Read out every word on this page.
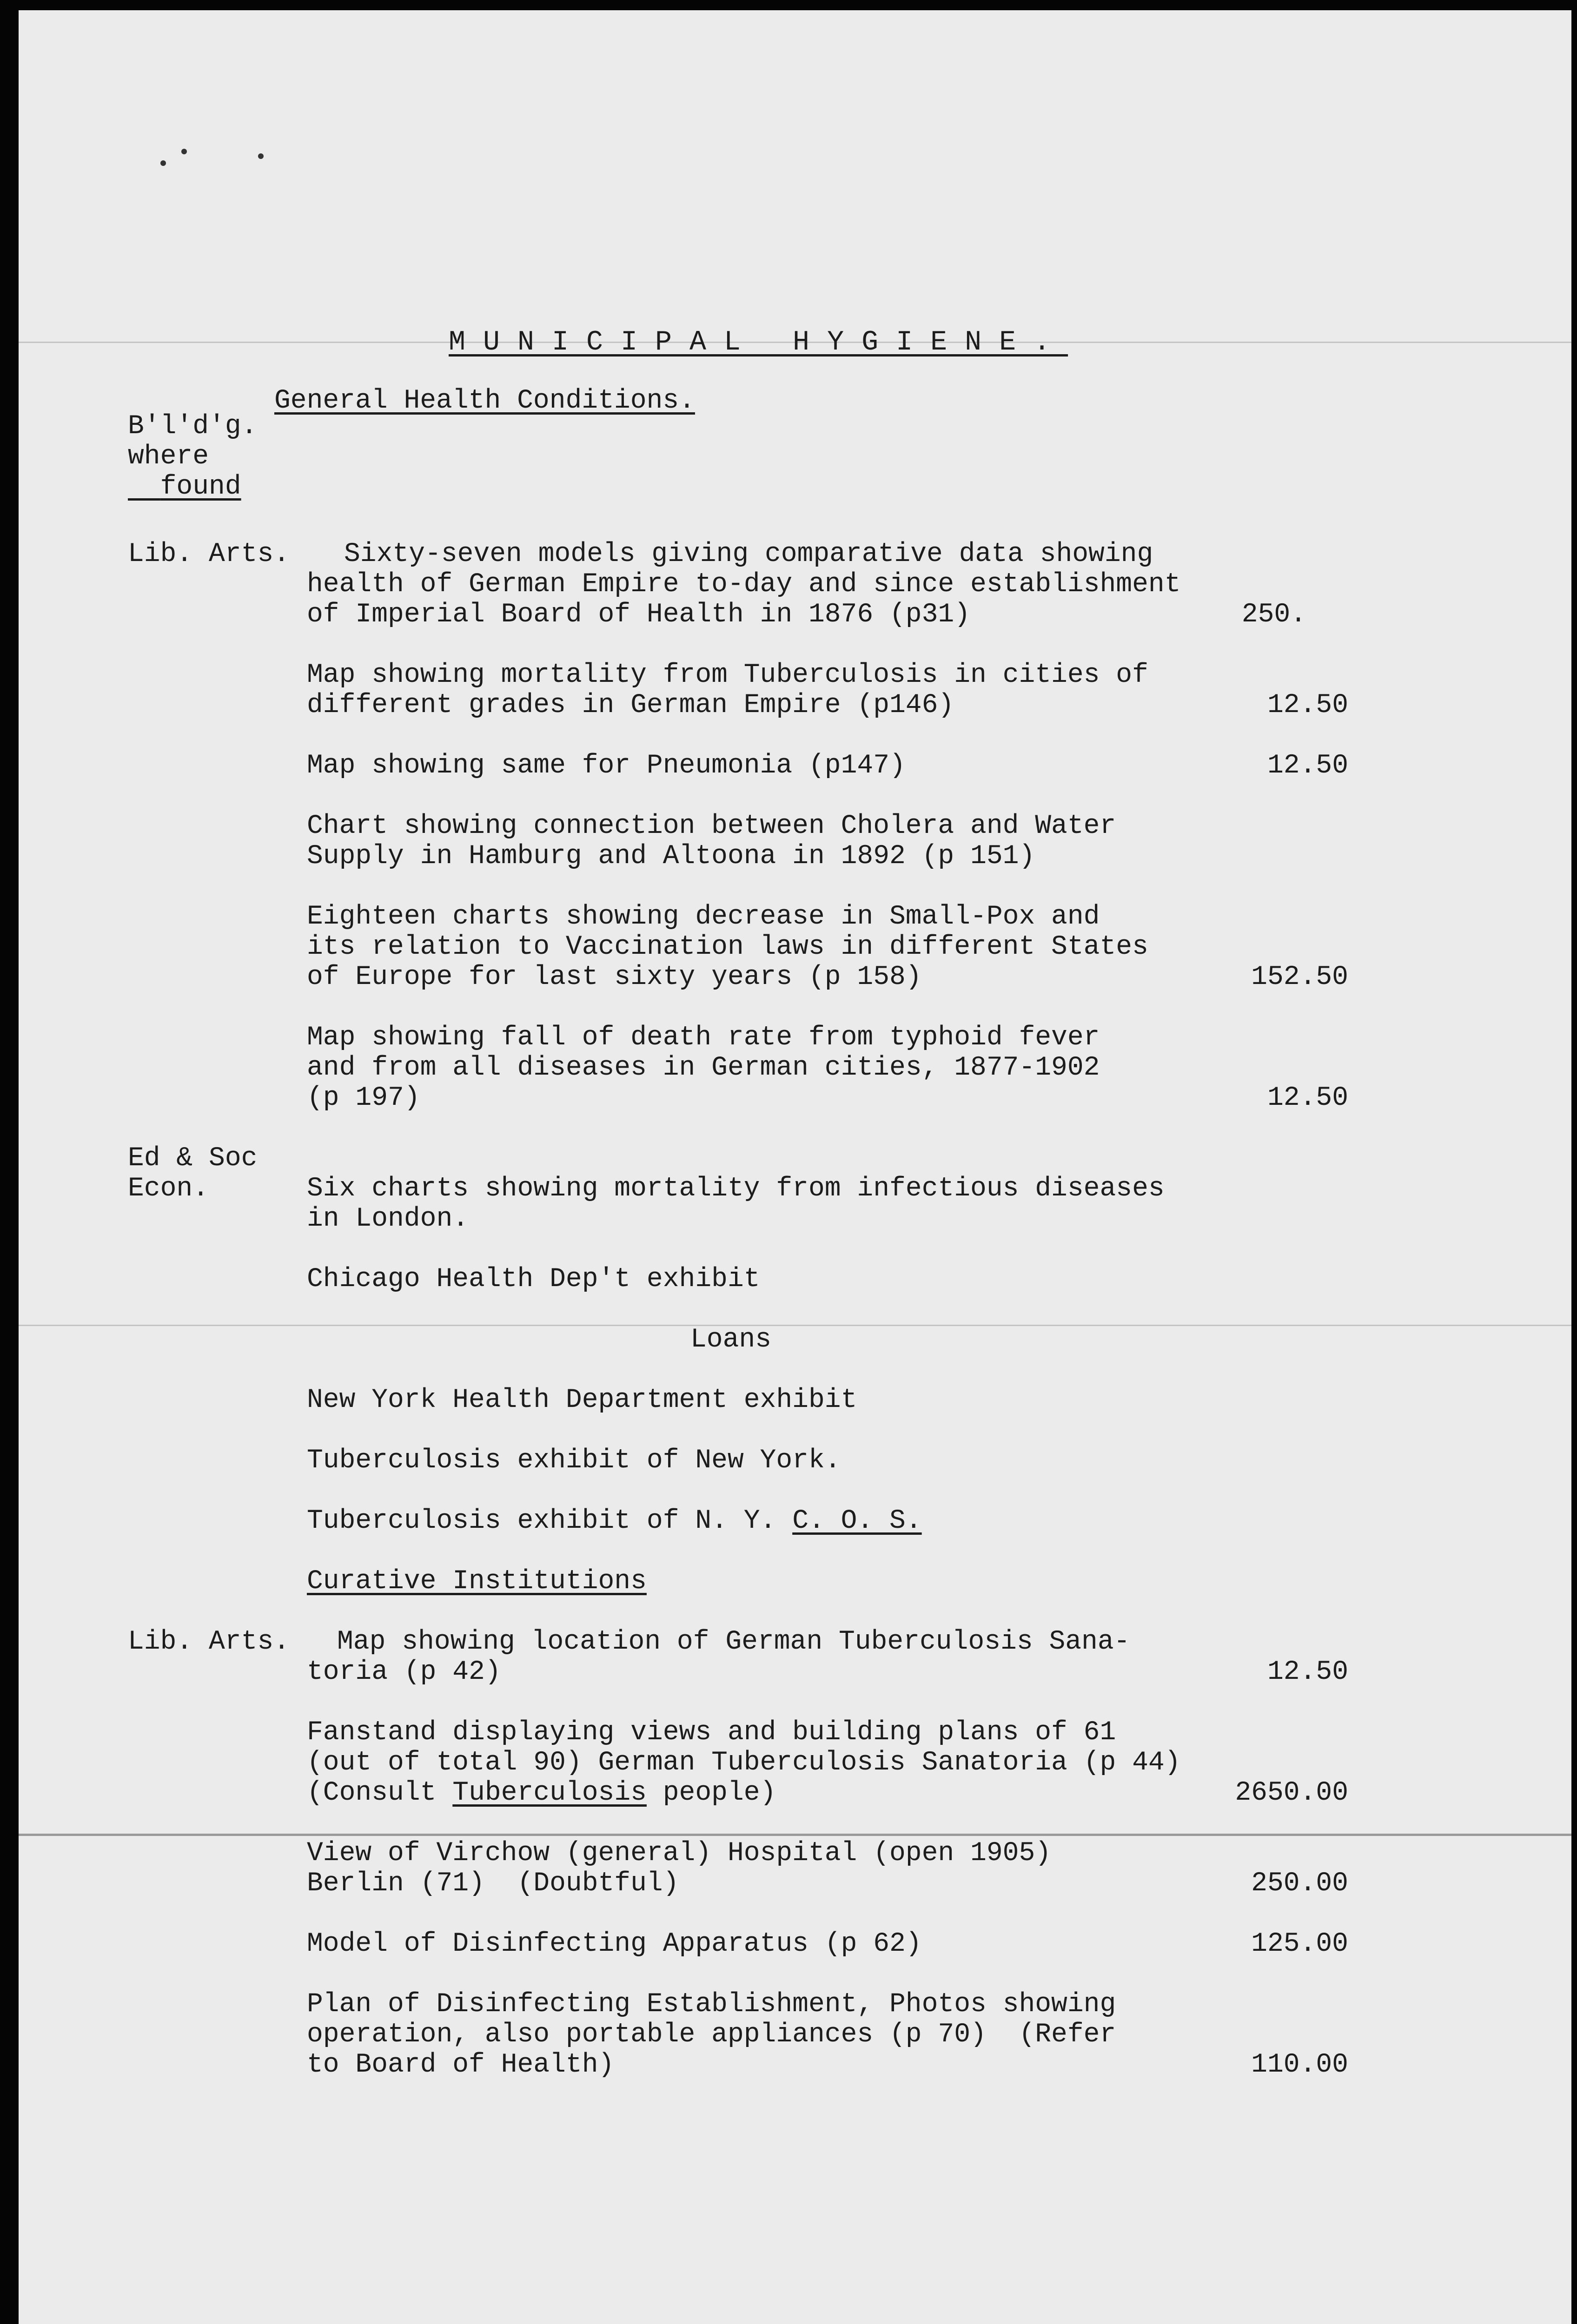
MUNICIPAL HYGIENE.

General Health Conditions.

B'l'd'g.

where

found

Lib. Arts. Sixty-seven models giving comparative data showing

health of German Empire to-day and since establishment

of Imperial Board of Health in 1876 (p31)	250.

Map showing mortality from Tuberculosis in cities of

different grades in German Empire (p146)	12.50

Map showing same for Pneumonia (p147)	12.50

Chart showing connection between Cholera and Water

Supply in Hamburg and Altoona in 1892 (p 151)

Eighteen charts showing decrease in Small-Pox and

its relation to Vaccination laws in different States

of Europe for last sixty years (p 158)	152.50

Map showing fall of death rate from typhoid fever

and from all diseases in German cities, 1877-1902

(p 197)	12.50

Ed & Soc

Econ.	Six charts showing mortality from infectious diseases

in London.

Chicago Health Dep't exhibit

Loans

New York Health Department exhibit

Tuberculosis exhibit of New York.

Tuberculosis exhibit of N. Y. C. O. S.

Curative Institutions

Lib. Arts. Map showing location of German Tuberculosis Sana-

toria (p 42)	12.50

Fanstand displaying views and building plans of 61

(out of total 90) German Tuberculosis Sanatoria (p 44)

(Consult Tuberculosis people)	2650.00

View of Virchow (general) Hospital (open 1905)

Berlin (71)  (Doubtful)	250.00

Model of Disinfecting Apparatus (p 62)	125.00

Plan of Disinfecting Establishment, Photos showing

operation, also portable appliances (p 70)  (Refer

to Board of Health)	110.00
